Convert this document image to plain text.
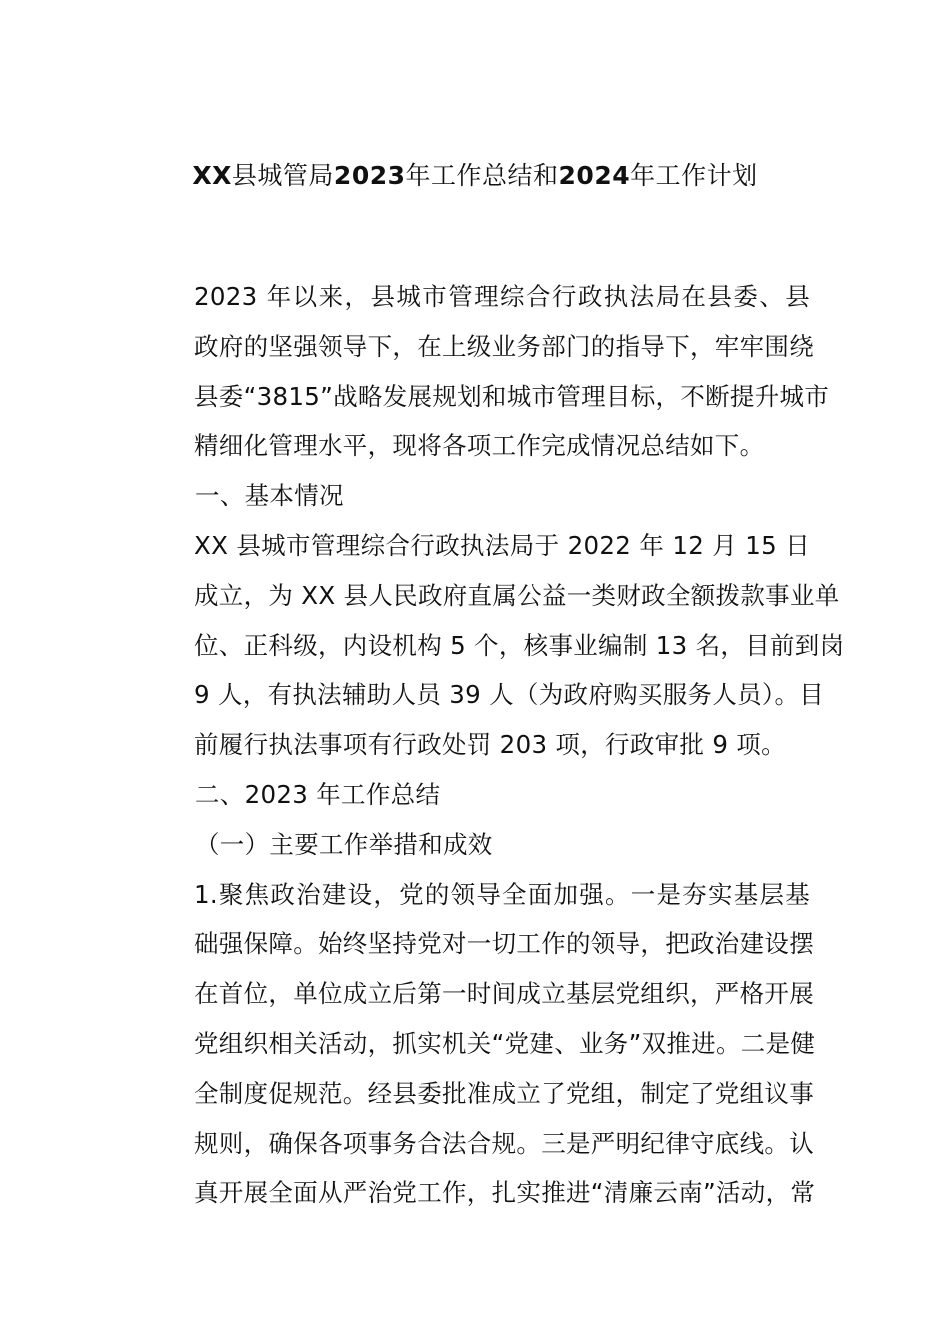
XX县城管局2023年工作总结和2024年工作计划
2023 年以来，县城市管理综合行政执法局在县委、县
政府的坚强领导下，在上级业务部门的指导下，牢牢围绕
县委“3815”战略发展规划和城市管理目标，不断提升城市
精细化管理水平，现将各项工作完成情况总结如下。
一、基本情况
XX 县城市管理综合行政执法局于 2022 年 12 月 15 日
成立，为 XX 县人民政府直属公益一类财政全额拨款事业单
位、正科级，内设机构 5 个，核事业编制 13 名，目前到岗
9 人，有执法辅助人员 39 人（为政府购买服务人员）。目
前履行执法事项有行政处罚 203 项，行政审批 9 项。
二、2023 年工作总结
（一）主要工作举措和成效
1.聚焦政治建设，党的领导全面加强。一是夯实基层基
础强保障。始终坚持党对一切工作的领导，把政治建设摆
在首位，单位成立后第一时间成立基层党组织，严格开展
党组织相关活动，抓实机关“党建、业务”双推进。二是健
全制度促规范。经县委批准成立了党组，制定了党组议事
规则，确保各项事务合法合规。三是严明纪律守底线。认
真开展全面从严治党工作，扎实推进“清廉云南”活动，常
